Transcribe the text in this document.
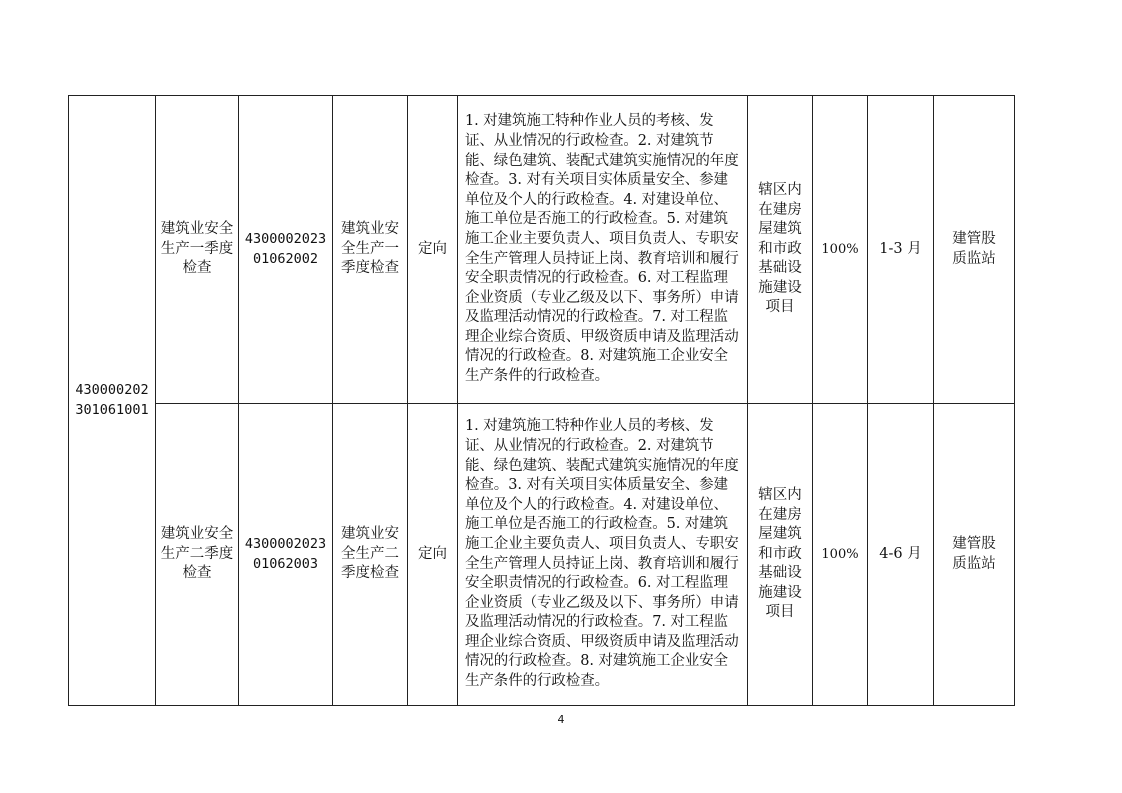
430000202301061001	建筑业安全生产一季度检查	430000202301062002	建筑业安全生产一季度检查	定向	1. 对建筑施工特种作业人员的考核、发证、从业情况的行政检查。2. 对建筑节能、绿色建筑、装配式建筑实施情况的年度检查。3. 对有关项目实体质量安全、参建单位及个人的行政检查。4. 对建设单位、施工单位是否施工的行政检查。5. 对建筑施工企业主要负责人、项目负责人、专职安全生产管理人员持证上岗、教育培训和履行安全职责情况的行政检查。6. 对工程监理企业资质（专业乙级及以下、事务所）申请及监理活动情况的行政检查。7. 对工程监理企业综合资质、甲级资质申请及监理活动情况的行政检查。8. 对建筑施工企业安全生产条件的行政检查。	辖区内在建房屋建筑和市政基础设施建设项目	100%	1-3 月	建管股质监站
	建筑业安全生产二季度检查	430000202301062003	建筑业安全生产二季度检查	定向	1. 对建筑施工特种作业人员的考核、发证、从业情况的行政检查。2. 对建筑节能、绿色建筑、装配式建筑实施情况的年度检查。3. 对有关项目实体质量安全、参建单位及个人的行政检查。4. 对建设单位、施工单位是否施工的行政检查。5. 对建筑施工企业主要负责人、项目负责人、专职安全生产管理人员持证上岗、教育培训和履行安全职责情况的行政检查。6. 对工程监理企业资质（专业乙级及以下、事务所）申请及监理活动情况的行政检查。7. 对工程监理企业综合资质、甲级资质申请及监理活动情况的行政检查。8. 对建筑施工企业安全生产条件的行政检查。	辖区内在建房屋建筑和市政基础设施建设项目	100%	4-6 月	建管股质监站
4
